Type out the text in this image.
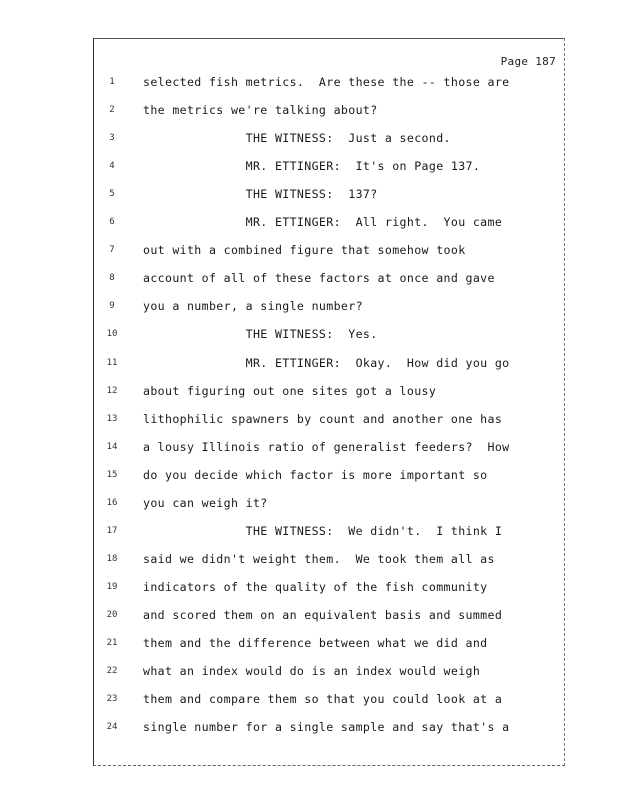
Page 187
1	selected fish metrics.  Are these the -- those are
2	the metrics we're talking about?
3	THE WITNESS:  Just a second.
4	MR. ETTINGER:  It's on Page 137.
5	THE WITNESS:  137?
6	MR. ETTINGER:  All right.  You came
7	out with a combined figure that somehow took
8	account of all of these factors at once and gave
9	you a number, a single number?
10	THE WITNESS:  Yes.
11	MR. ETTINGER:  Okay.  How did you go
12	about figuring out one sites got a lousy
13	lithophilic spawners by count and another one has
14	a lousy Illinois ratio of generalist feeders?  How
15	do you decide which factor is more important so
16	you can weigh it?
17	THE WITNESS:  We didn't.  I think I
18	said we didn't weight them.  We took them all as
19	indicators of the quality of the fish community
20	and scored them on an equivalent basis and summed
21	them and the difference between what we did and
22	what an index would do is an index would weigh
23	them and compare them so that you could look at a
24	single number for a single sample and say that's a
